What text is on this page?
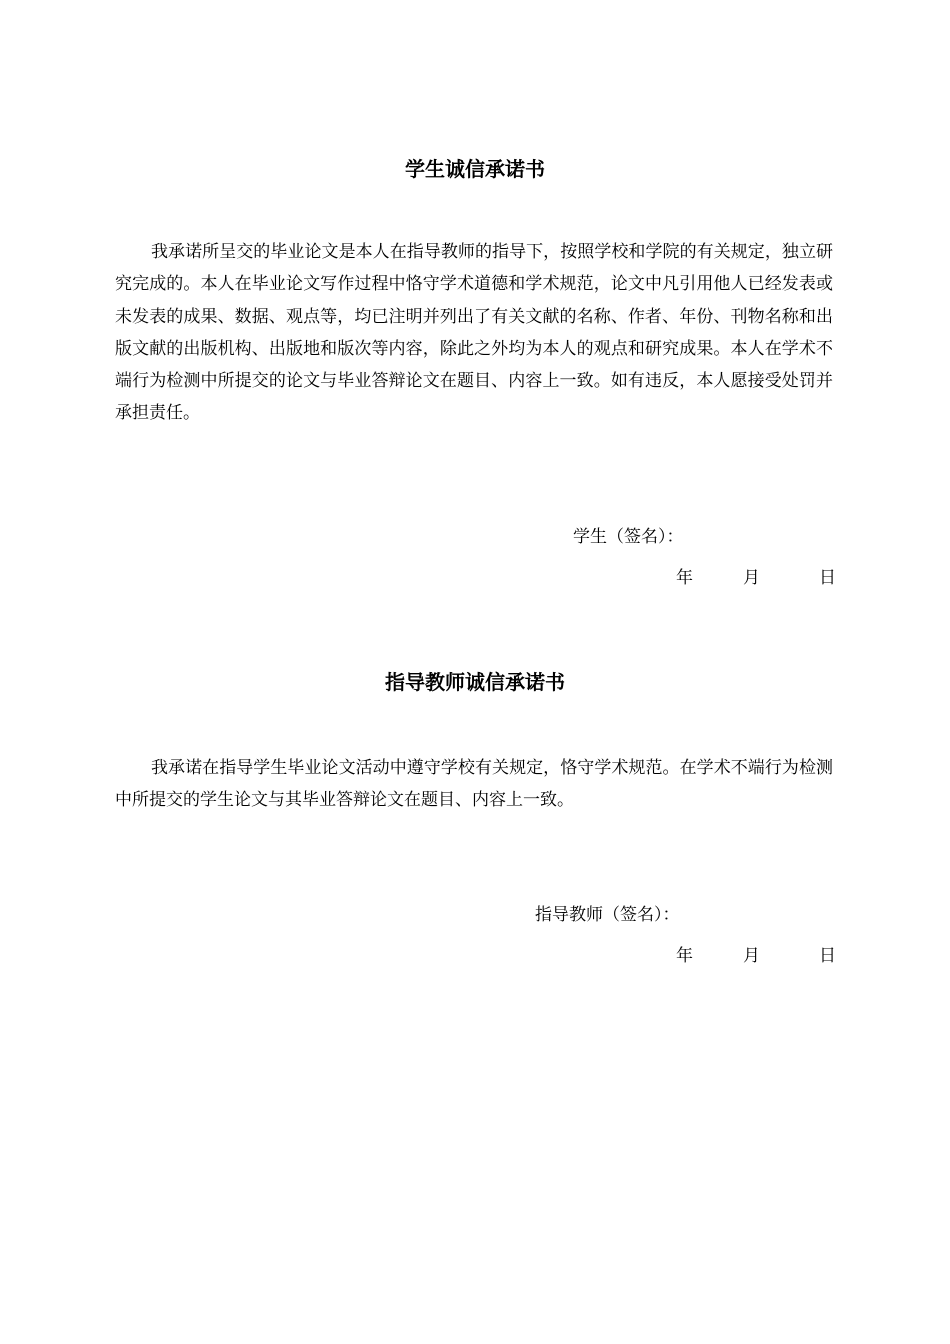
学生诚信承诺书

我承诺所呈交的毕业论文是本人在指导教师的指导下，按照学校和学院的有关规定，独立研究完成的。本人在毕业论文写作过程中恪守学术道德和学术规范，论文中凡引用他人已经发表或未发表的成果、数据、观点等，均已注明并列出了有关文献的名称、作者、年份、刊物名称和出版文献的出版机构、出版地和版次等内容，除此之外均为本人的观点和研究成果。本人在学术不端行为检测中所提交的论文与毕业答辩论文在题目、内容上一致。如有违反，本人愿接受处罚并承担责任。

学生（签名）：

年	月	日
指导教师诚信承诺书

我承诺在指导学生毕业论文活动中遵守学校有关规定，恪守学术规范。在学术不端行为检测中所提交的学生论文与其毕业答辩论文在题目、内容上一致。

指导教师（签名）：

年	月	日
